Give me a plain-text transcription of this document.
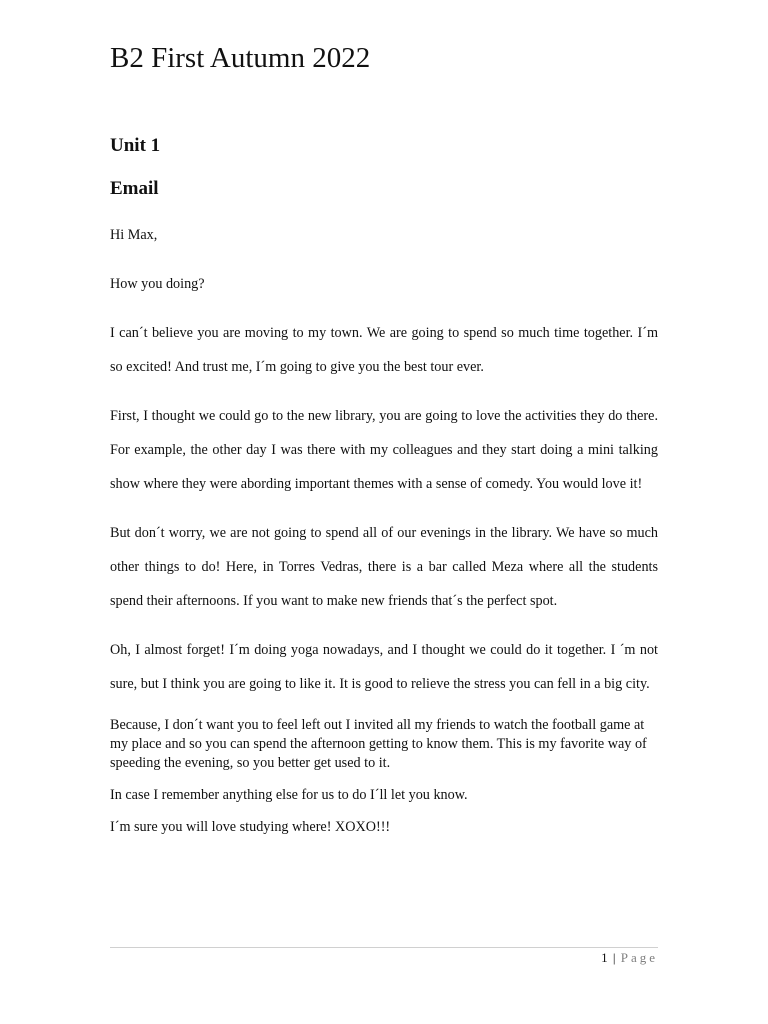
B2 First Autumn 2022
Unit 1
Email

Hi Max,

How you doing?

I can´t believe you are moving to my town. We are going to spend so much time together. I´m so excited! And trust me, I´m going to give you the best tour ever.

First, I thought we could go to the new library, you are going to love the activities they do there. For example, the other day I was there with my colleagues and they start doing a mini talking show where they were abording important themes with a sense of comedy. You would love it!

But don´t worry, we are not going to spend all of our evenings in the library. We have so much other things to do! Here, in Torres Vedras, there is a bar called Meza where all the students spend their afternoons. If you want to make new friends that´s the perfect spot.

Oh, I almost forget! I´m doing yoga nowadays, and I thought we could do it together. I ´m not sure, but I think you are going to like it. It is good to relieve the stress you can fell in a big city.

Because, I don´t want you to feel left out I invited all my friends to watch the football game at my place and so you can spend the afternoon getting to know them. This is my favorite way of speeding the evening, so you better get used to it.

In case I remember anything else for us to do I´ll let you know.

I´m sure you will love studying where! XOXO!!!

1 | Page
